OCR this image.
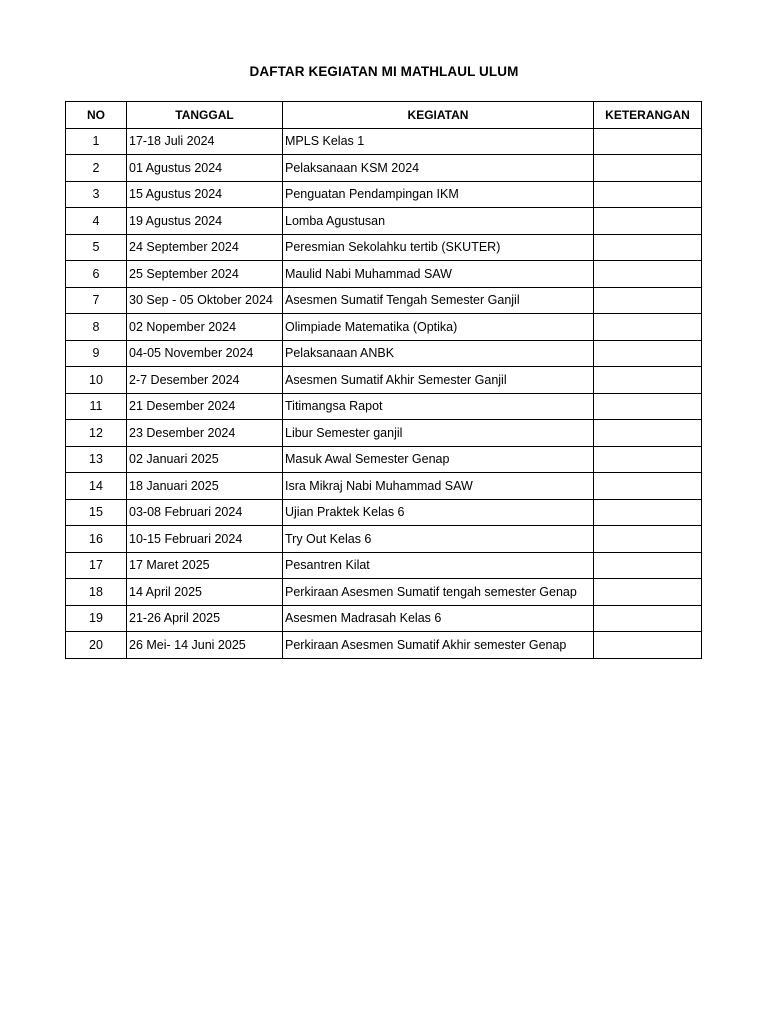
DAFTAR KEGIATAN MI MATHLAUL ULUM
NO	TANGGAL	KEGIATAN	KETERANGAN
1	17-18 Juli 2024	MPLS Kelas 1	
2	01 Agustus 2024	Pelaksanaan KSM 2024	
3	15 Agustus 2024	Penguatan Pendampingan IKM	
4	19 Agustus 2024	Lomba Agustusan	
5	24 September 2024	Peresmian Sekolahku tertib (SKUTER)	
6	25 September 2024	Maulid Nabi Muhammad SAW	
7	30 Sep - 05 Oktober 2024	Asesmen Sumatif Tengah Semester Ganjil	
8	02 Nopember 2024	Olimpiade Matematika (Optika)	
9	04-05 November 2024	Pelaksanaan ANBK	
10	2-7 Desember 2024	Asesmen Sumatif Akhir Semester Ganjil	
11	21 Desember 2024	Titimangsa Rapot	
12	23 Desember 2024	Libur Semester ganjil	
13	02 Januari 2025	Masuk Awal Semester Genap	
14	18 Januari 2025	Isra Mikraj Nabi Muhammad SAW	
15	03-08 Februari 2024	Ujian Praktek Kelas 6	
16	10-15 Februari 2024	Try Out Kelas 6	
17	17 Maret 2025	Pesantren Kilat	
18	14 April 2025	Perkiraan Asesmen Sumatif tengah semester Genap	
19	21-26 April 2025	Asesmen Madrasah Kelas 6	
20	26 Mei- 14 Juni 2025	Perkiraan Asesmen Sumatif Akhir semester Genap	
